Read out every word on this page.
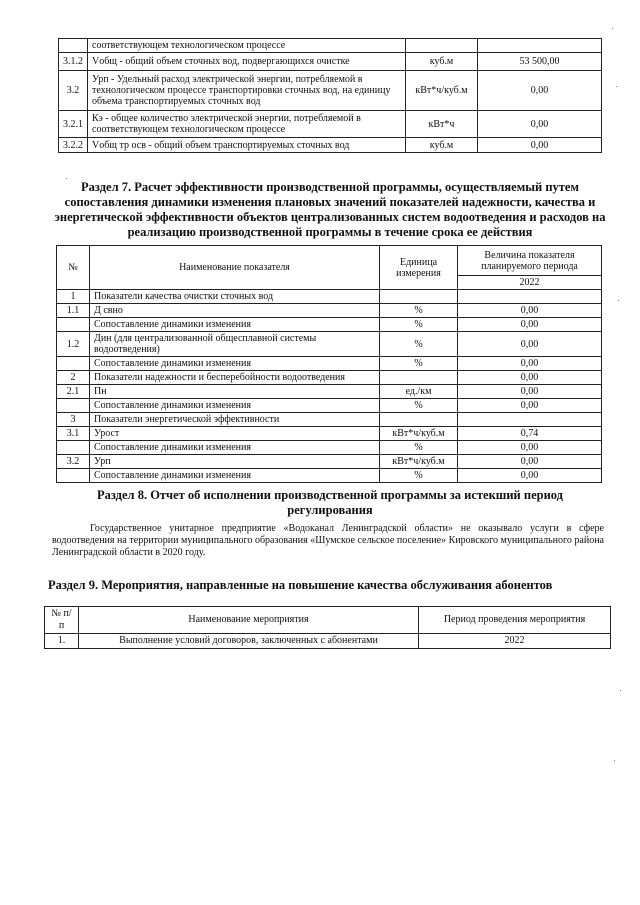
	соответствующем технологическом процессе		
3.1.2	Vобщ - общий объем сточных вод, подвергающихся очистке	куб.м	53 500,00
3.2	Урп - Удельный расход электрической энергии, потребляемой в технологическом процессе транспортировки сточных вод, на единицу объема транспортируемых сточных вод	кВт*ч/куб.м	0,00
3.2.1	Кэ - общее количество электрической энергии, потребляемой в соответствующем технологическом процессе	кВт*ч	0,00
3.2.2	Vобщ тр осв - общий объем транспортируемых сточных вод	куб.м	0,00

Раздел 7. Расчет эффективности производственной программы, осуществляемый путем сопоставления динамики изменения плановых значений показателей надежности, качества и энергетической эффективности объектов централизованных систем водоотведения и расходов на реализацию производственной программы в течение срока ее действия

№	Наименование показателя	Единица измерения	Величина показателя планируемого периода
			2022
1	Показатели качества очистки сточных вод		
1.1	Д свно	%	0,00
	Сопоставление динамики изменения	%	0,00
1.2	Дин (для централизованной общесплавной системы водоотведения)	%	0,00
	Сопоставление динамики изменения	%	0,00
2	Показатели надежности и бесперебойности водоотведения		0,00
2.1	Пн	ед./км	0,00
	Сопоставление динамики изменения	%	0,00
3	Показатели энергетической эффективности		
3.1	Урост	кВт*ч/куб.м	0,74
	Сопоставление динамики изменения	%	0,00
3.2	Урп	кВт*ч/куб.м	0,00
	Сопоставление динамики изменения	%	0,00

Раздел 8. Отчет об исполнении производственной программы за истекший период регулирования

Государственное унитарное предприятие «Водоканал Ленинградской области» не оказывало услуги в сфере водоотведения на территории муниципального образования «Шумское сельское поселение» Кировского муниципального района Ленинградской области в 2020 году.

Раздел 9. Мероприятия, направленные на повышение качества обслуживания абонентов

№ п/п	Наименование мероприятия	Период проведения мероприятия
1.	Выполнение условий договоров, заключенных с абонентами	2022
